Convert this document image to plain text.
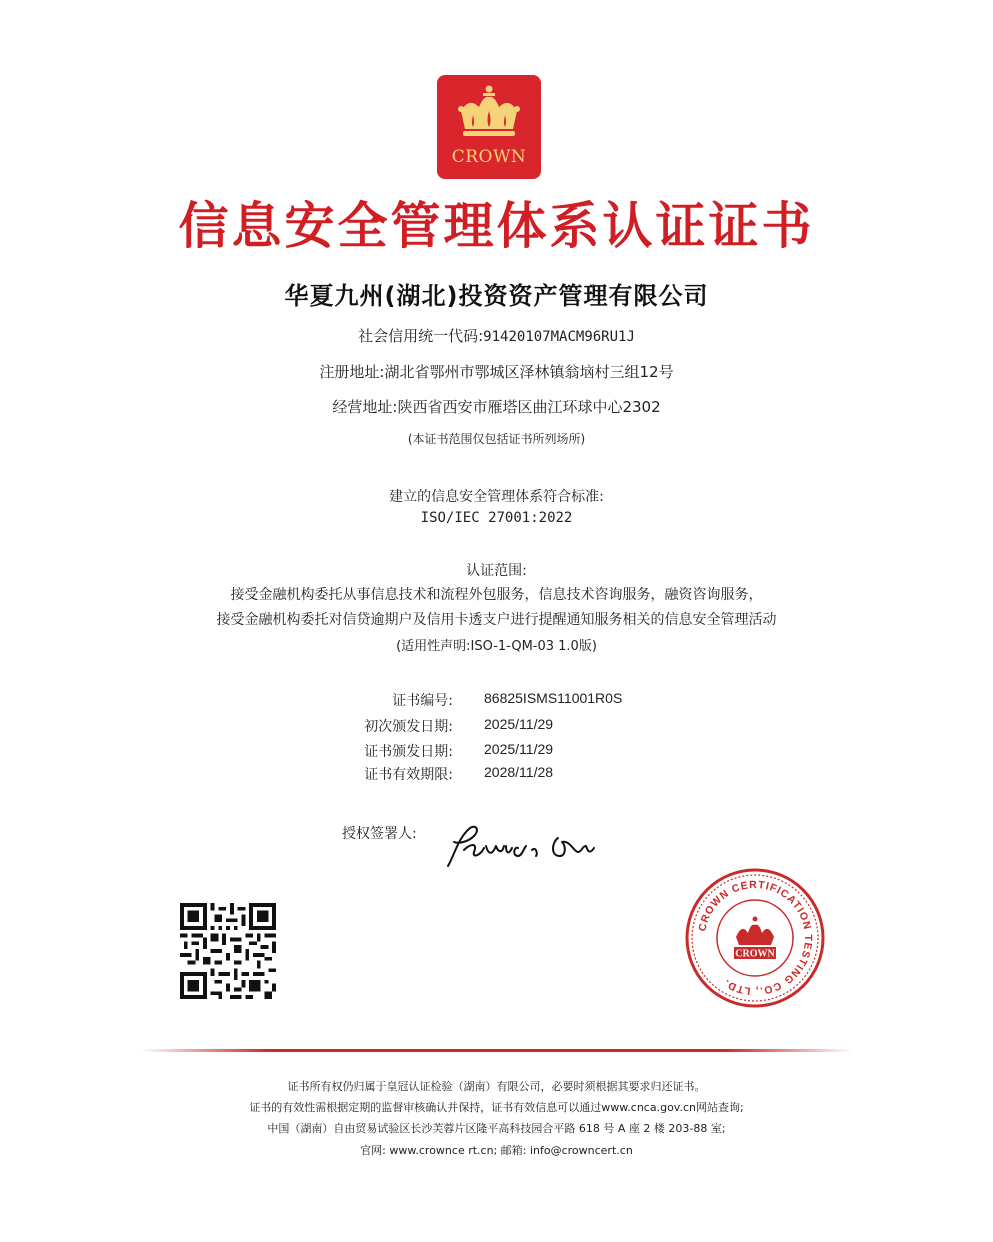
CROWN
信息安全管理体系认证证书
华夏九州(湖北)投资资产管理有限公司
社会信用统一代码:91420107MACM96RU1J
注册地址:湖北省鄂州市鄂城区泽林镇翁垴村三组12号
经营地址:陕西省西安市雁塔区曲江环球中心2302
(本证书范围仅包括证书所列场所)
建立的信息安全管理体系符合标准:
ISO/IEC 27001:2022
认证范围:
接受金融机构委托从事信息技术和流程外包服务，信息技术咨询服务，融资咨询服务，
接受金融机构委托对信贷逾期户及信用卡透支户进行提醒通知服务相关的信息安全管理活动
(适用性声明:ISO-1-QM-03 1.0版)
证书编号: 86825ISMS11001R0S
初次颁发日期: 2025/11/29
证书颁发日期: 2025/11/29
证书有效期限: 2028/11/28
授权签署人:
CROWN CERTIFICATION TESTING CO., LTD.
CROWN
证书所有权仍归属于皇冠认证检验（湖南）有限公司，必要时须根据其要求归还证书。
证书的有效性需根据定期的监督审核确认并保持，证书有效信息可以通过www.cnca.gov.cn网站查询;
中国（湖南）自由贸易试验区长沙芙蓉片区隆平高科技园合平路 618 号 A 座 2 楼 203-88 室;
官网: www.crownce rt.cn; 邮箱: info@crowncert.cn
